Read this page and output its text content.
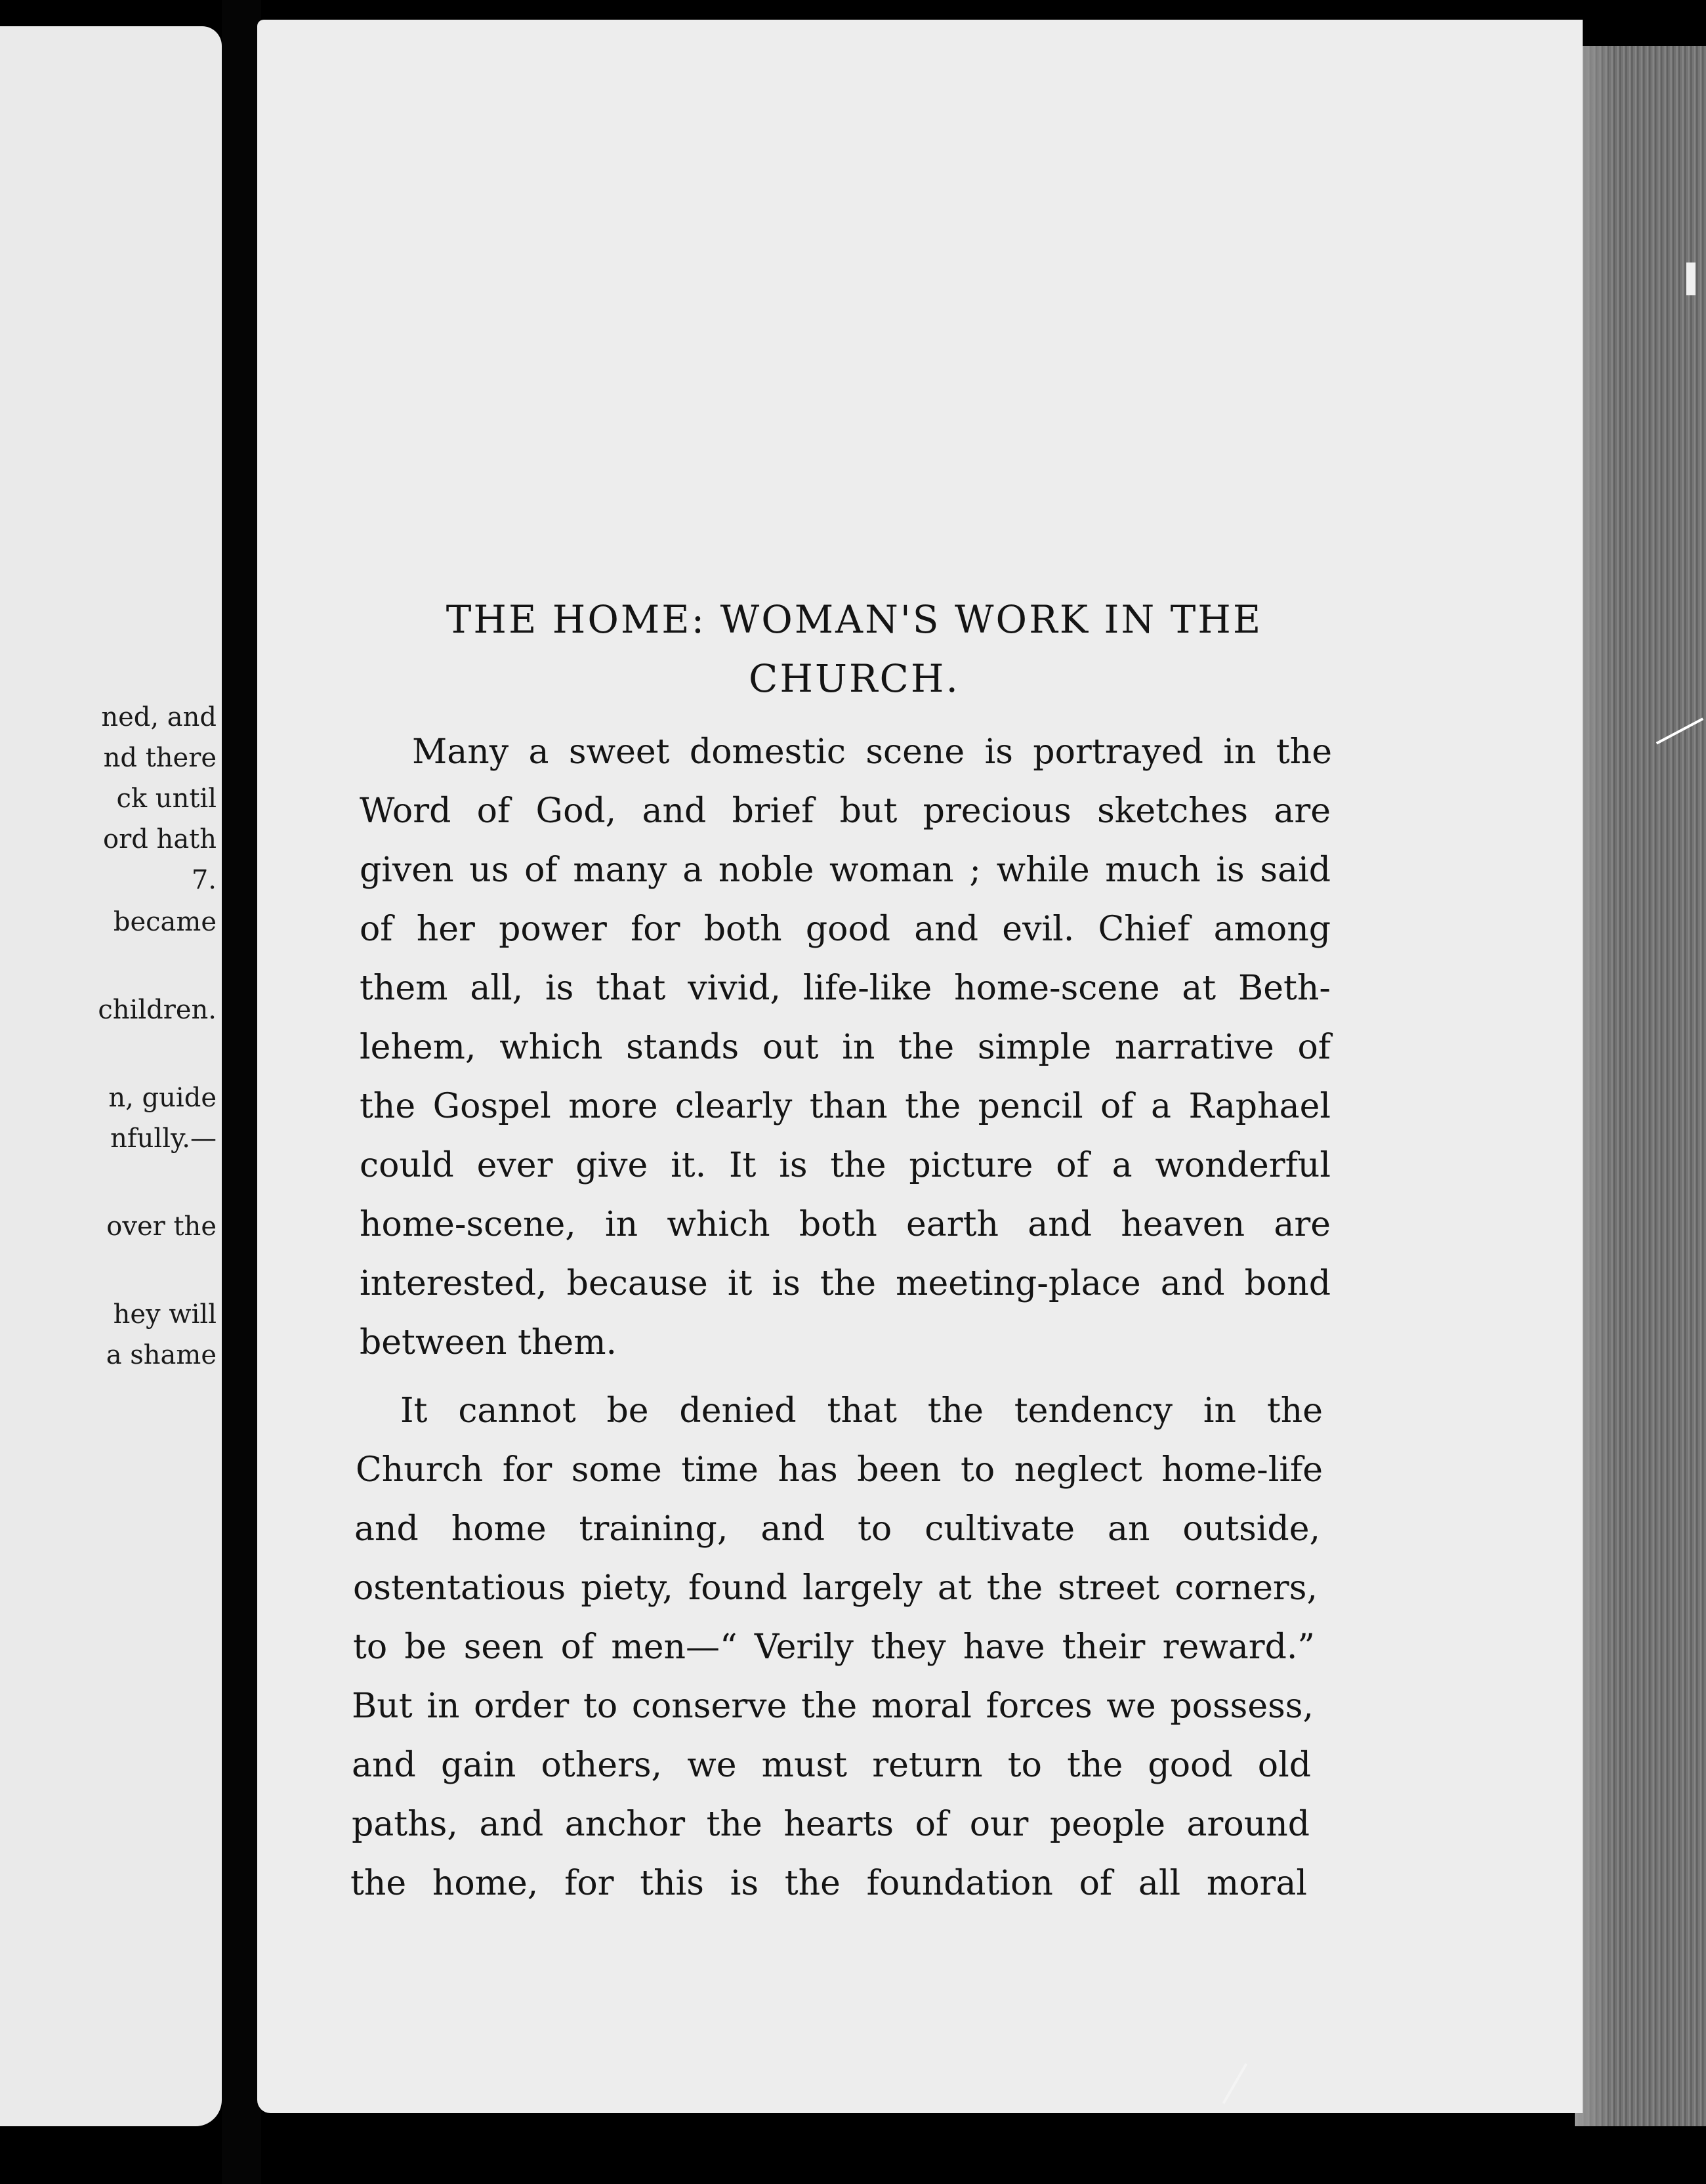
ned, and
nd there
ck until
ord hath
7.
became
children.
n, guide
nfully.—
over the
hey will
a shame
THE HOME: WOMAN'S WORK IN THE
CHURCH.
Many a sweet domestic scene is portrayed in the
Word of God, and brief but precious sketches are
given us of many a noble woman ; while much is said
of her power for both good and evil. Chief among
them all, is that vivid, life-like home-scene at Beth-
lehem, which stands out in the simple narrative of
the Gospel more clearly than the pencil of a Raphael
could ever give it. It is the picture of a wonderful
home-scene, in which both earth and heaven are
interested, because it is the meeting-place and bond
between them.
It cannot be denied that the tendency in the
Church for some time has been to neglect home-life
and home training, and to cultivate an outside,
ostentatious piety, found largely at the street corners,
to be seen of men—“ Verily they have their reward.”
But in order to conserve the moral forces we possess,
and gain others, we must return to the good old
paths, and anchor the hearts of our people around
the home, for this is the foundation of all moral
